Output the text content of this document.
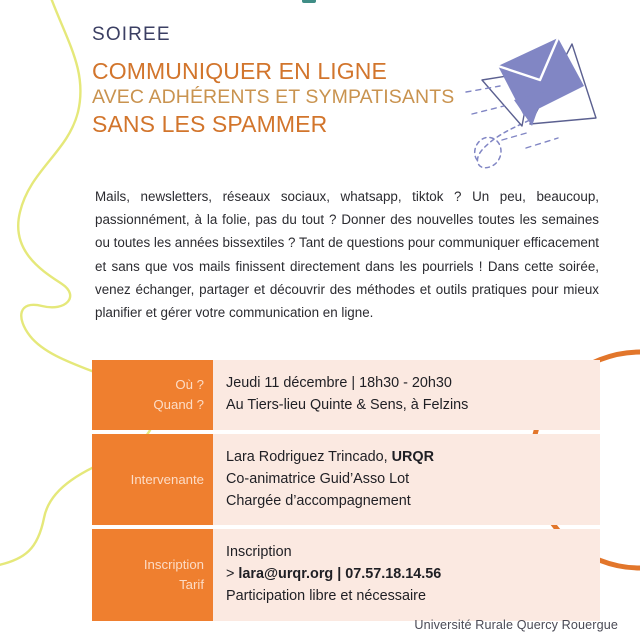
SOIREE
COMMUNIQUER EN LIGNE
AVEC ADHÉRENTS ET SYMPATISANTS
SANS LES SPAMMER

Mails, newsletters, réseaux sociaux, whatsapp, tiktok ? Un peu, beaucoup, passionnément, à la folie, pas du tout ? Donner des nouvelles toutes les semaines ou toutes les années bissextiles ? Tant de questions pour communiquer efficacement et sans que vos mails finissent directement dans les pourriels ! Dans cette soirée, venez échanger, partager et découvrir des méthodes et outils pratiques pour mieux planifier et gérer votre communication en ligne.

Où ?
Quand ?
Jeudi 11 décembre | 18h30 - 20h30
Au Tiers-lieu Quinte & Sens, à Felzins
Intervenante
Lara Rodriguez Trincado, URQR
Co-animatrice Guid’Asso Lot
Chargée d’accompagnement
Inscription
Tarif
Inscription
> lara@urqr.org | 07.57.18.14.56
Participation libre et nécessaire
Université Rurale Quercy Rouergue
